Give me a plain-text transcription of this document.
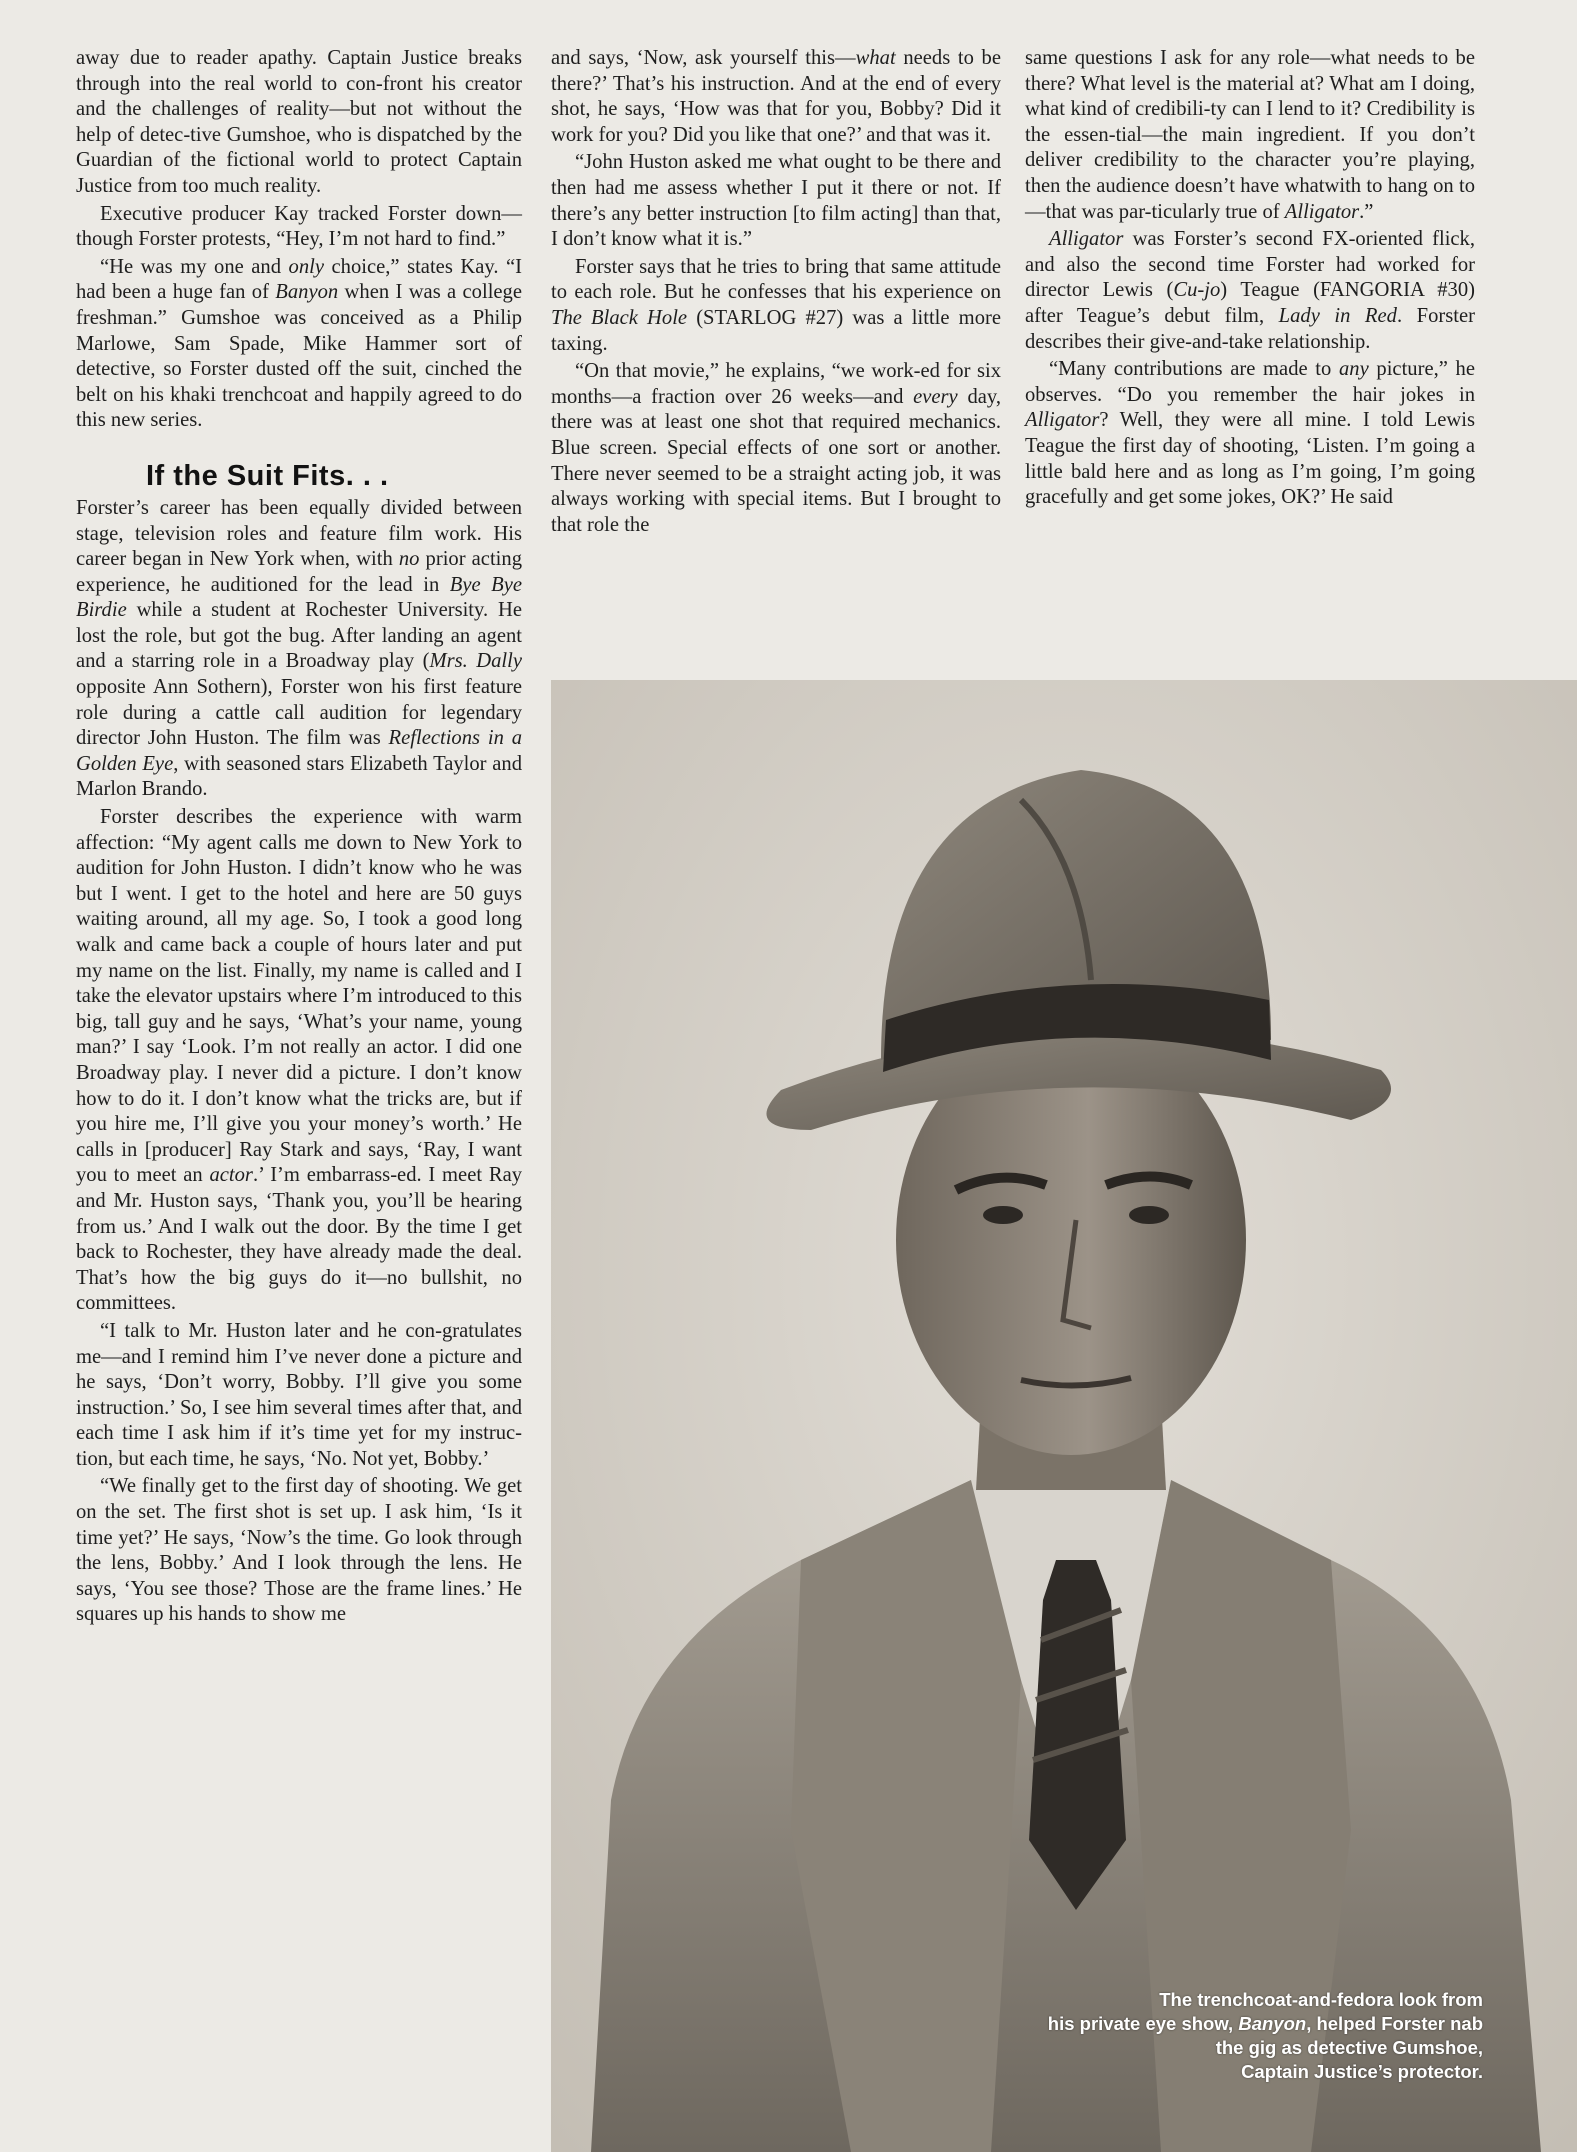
away due to reader apathy. Captain Justice breaks through into the real world to con-front his creator and the challenges of reality—but not without the help of detec-tive Gumshoe, who is dispatched by the Guardian of the fictional world to protect Captain Justice from too much reality.

Executive producer Kay tracked Forster down—though Forster protests, “Hey, I’m not hard to find.”

“He was my one and only choice,” states Kay. “I had been a huge fan of Banyon when I was a college freshman.” Gumshoe was conceived as a Philip Marlowe, Sam Spade, Mike Hammer sort of detective, so Forster dusted off the suit, cinched the belt on his khaki trenchcoat and happily agreed to do this new series.

If the Suit Fits. . .

Forster’s career has been equally divided between stage, television roles and feature film work. His career began in New York when, with no prior acting experience, he auditioned for the lead in Bye Bye Birdie while a student at Rochester University. He lost the role, but got the bug. After landing an agent and a starring role in a Broadway play (Mrs. Dally opposite Ann Sothern), Forster won his first feature role during a cattle call audition for legendary director John Huston. The film was Reflections in a Golden Eye, with seasoned stars Elizabeth Taylor and Marlon Brando.

Forster describes the experience with warm affection: “My agent calls me down to New York to audition for John Huston. I didn’t know who he was but I went. I get to the hotel and here are 50 guys waiting around, all my age. So, I took a good long walk and came back a couple of hours later and put my name on the list. Finally, my name is called and I take the elevator upstairs where I’m introduced to this big, tall guy and he says, ‘What’s your name, young man?’ I say ‘Look. I’m not really an actor. I did one Broadway play. I never did a picture. I don’t know how to do it. I don’t know what the tricks are, but if you hire me, I’ll give you your money’s worth.’ He calls in [producer] Ray Stark and says, ‘Ray, I want you to meet an actor.’ I’m embarrass-ed. I meet Ray and Mr. Huston says, ‘Thank you, you’ll be hearing from us.’ And I walk out the door. By the time I get back to Rochester, they have already made the deal. That’s how the big guys do it—no bullshit, no committees.

“I talk to Mr. Huston later and he con-gratulates me—and I remind him I’ve never done a picture and he says, ‘Don’t worry, Bobby. I’ll give you some instruction.’ So, I see him several times after that, and each time I ask him if it’s time yet for my instruc-tion, but each time, he says, ‘No. Not yet, Bobby.’

“We finally get to the first day of shooting. We get on the set. The first shot is set up. I ask him, ‘Is it time yet?’ He says, ‘Now’s the time. Go look through the lens, Bobby.’ And I look through the lens. He says, ‘You see those? Those are the frame lines.’ He squares up his hands to show me

and says, ‘Now, ask yourself this—what needs to be there?’ That’s his instruction. And at the end of every shot, he says, ‘How was that for you, Bobby? Did it work for you? Did you like that one?’ and that was it.

“John Huston asked me what ought to be there and then had me assess whether I put it there or not. If there’s any better instruction [to film acting] than that, I don’t know what it is.”

Forster says that he tries to bring that same attitude to each role. But he confesses that his experience on The Black Hole (STARLOG #27) was a little more taxing.

“On that movie,” he explains, “we work-ed for six months—a fraction over 26 weeks—and every day, there was at least one shot that required mechanics. Blue screen. Special effects of one sort or another. There never seemed to be a straight acting job, it was always working with special items. But I brought to that role the

same questions I ask for any role—what needs to be there? What level is the material at? What am I doing, what kind of credibili-ty can I lend to it? Credibility is the essen-tial—the main ingredient. If you don’t deliver credibility to the character you’re playing, then the audience doesn’t have whatwith to hang on to—that was par-ticularly true of Alligator.”

Alligator was Forster’s second FX-oriented flick, and also the second time Forster had worked for director Lewis (Cu-jo) Teague (FANGORIA #30) after Teague’s debut film, Lady in Red. Forster describes their give-and-take relationship.

“Many contributions are made to any picture,” he observes. “Do you remember the hair jokes in Alligator? Well, they were all mine. I told Lewis Teague the first day of shooting, ‘Listen. I’m going a little bald here and as long as I’m going, I’m going gracefully and get some jokes, OK?’ He said

The trenchcoat-and-fedora look from
his private eye show, Banyon, helped Forster nab
the gig as detective Gumshoe,
Captain Justice’s protector.
